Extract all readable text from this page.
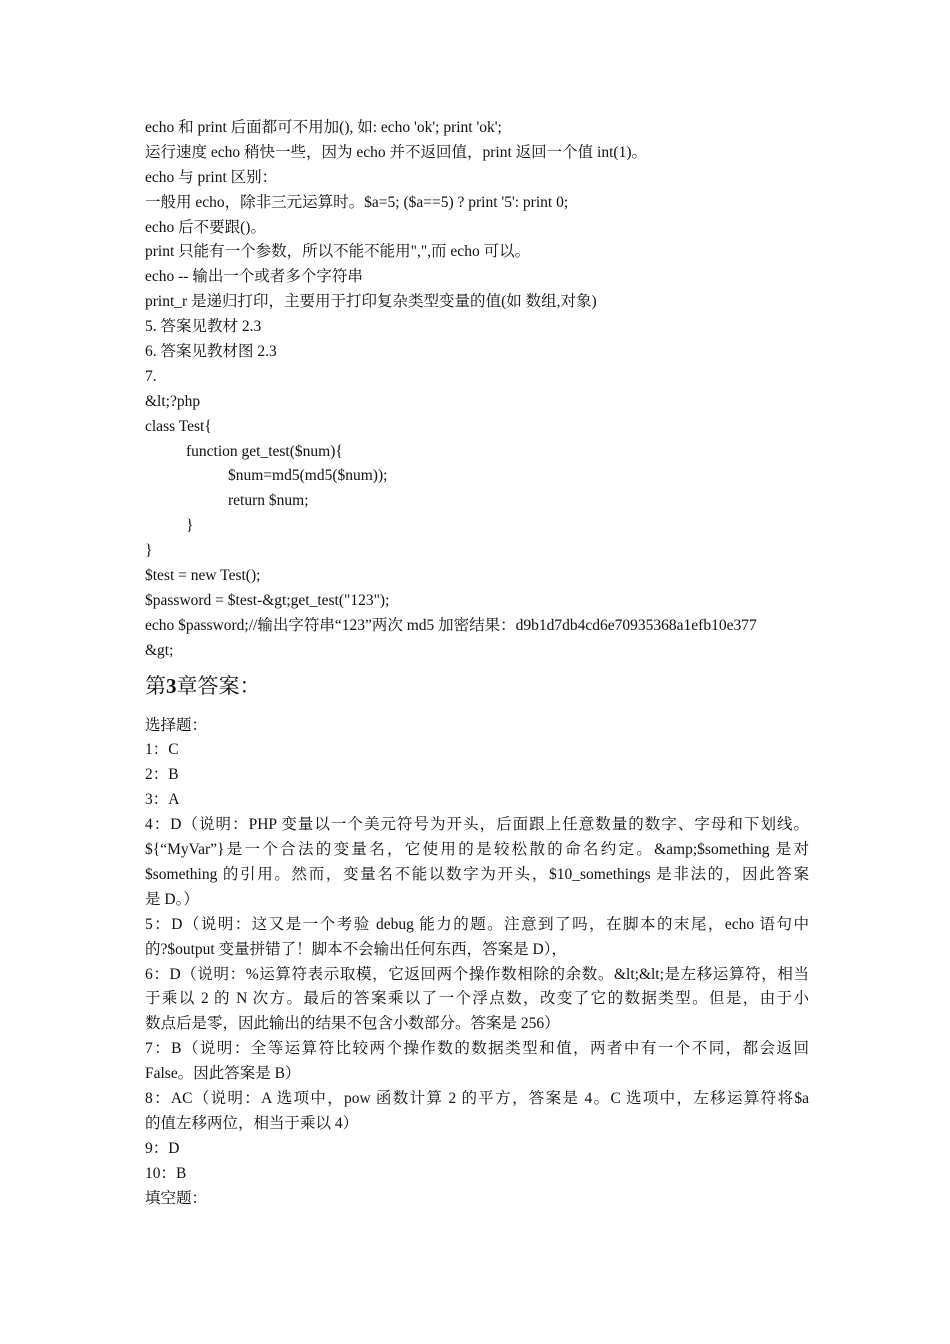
echo 和 print 后面都可不用加(), 如: echo 'ok'; print 'ok';
运行速度 echo 稍快一些，因为 echo 并不返回值，print 返回一个值 int(1)。
echo 与 print 区别：
一般用 echo，除非三元运算时。$a=5; ($a==5) ? print '5': print 0;
echo 后不要跟()。
print 只能有一个参数，所以不能不能用",",而 echo 可以。
echo -- 输出一个或者多个字符串
print_r 是递归打印，主要用于打印复杂类型变量的值(如 数组,对象)
5. 答案见教材 2.3
6. 答案见教材图 2.3
7.
&lt;?php
class Test{
function get_test($num){
$num=md5(md5($num));
return $num;
}
}
$test = new Test();
$password = $test-&gt;get_test("123");
echo $password;//输出字符串“123”两次 md5 加密结果：d9b1d7db4cd6e70935368a1efb10e377
&gt;
第3章答案：
选择题：
1：C
2：B
3：A
4：D（说明：PHP 变量以一个美元符号为开头，后面跟上任意数量的数字、字母和下划线。
${“MyVar”}是一个合法的变量名，它使用的是较松散的命名约定。&amp;$something 是对
$something 的引用。然而，变量名不能以数字为开头，$10_somethings 是非法的，因此答案
是 D。）
5：D（说明：这又是一个考验 debug 能力的题。注意到了吗，在脚本的末尾，echo 语句中
的?$output 变量拼错了！脚本不会输出任何东西，答案是 D），
6：D（说明：%运算符表示取模，它返回两个操作数相除的余数。&lt;&lt;是左移运算符，相当
于乘以 2 的 N 次方。最后的答案乘以了一个浮点数，改变了它的数据类型。但是，由于小
数点后是零，因此输出的结果不包含小数部分。答案是 256）
7：B（说明：全等运算符比较两个操作数的数据类型和值，两者中有一个不同，都会返回
False。因此答案是 B）
8：AC（说明：A 选项中，pow 函数计算 2 的平方，答案是 4。C 选项中，左移运算符将$a
的值左移两位，相当于乘以 4）
9：D
10：B
填空题：
